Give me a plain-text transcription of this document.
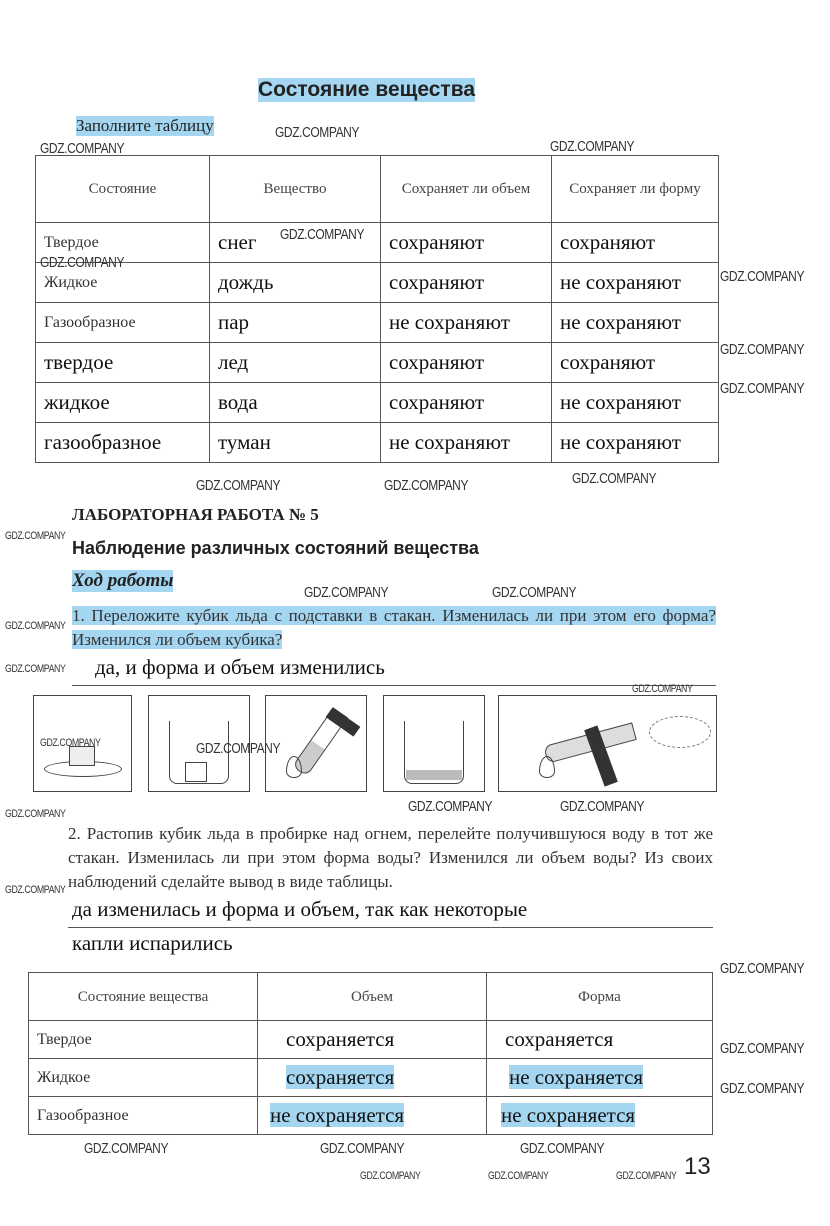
Состояние вещества
Заполните таблицу
Состояние	Вещество	Сохраняет ли объем	Сохраняет ли форму
Твердое	снег	сохраняют	сохраняют
Жидкое	дождь	сохраняют	не сохраняют
Газообразное	пар	не сохраняют	не сохраняют
твердое	лед	сохраняют	сохраняют
жидкое	вода	сохраняют	не сохраняют
газообразное	туман	не сохраняют	не сохраняют
ЛАБОРАТОРНАЯ РАБОТА № 5
Наблюдение различных состояний вещества
Ход работы
1. Переложите кубик льда с подставки в стакан. Изменилась ли при этом его форма? Изменился ли объем кубика?
да, и форма и объем изменились
2. Растопив кубик льда в пробирке над огнем, перелейте получившуюся воду в тот же стакан. Изменилась ли при этом форма воды? Изменился ли объем воды? Из своих наблюдений сделайте вывод в виде таблицы.
да изменилась и форма и объем, так как некоторые
капли испарились
Состояние вещества	Объем	Форма
Твердое	сохраняется	сохраняется
Жидкое	сохраняется	не сохраняется
Газообразное	не сохраняется	не сохраняется
13
GDZ.COMPANY
GDZ.COMPANY	GDZ.COMPANY
GDZ.COMPANY
GDZ.COMPANY
GDZ.COMPANY
GDZ.COMPANY
GDZ.COMPANY
GDZ.COMPANY
GDZ.COMPANY	GDZ.COMPANY
GDZ.COMPANY
GDZ.COMPANY	GDZ.COMPANY
GDZ.COMPANY
GDZ.COMPANY
GDZ.COMPANY
GDZ.COMPANY
GDZ.COMPANY	GDZ.COMPANY
GDZ.COMPANY
GDZ.COMPANY
GDZ.COMPANY
GDZ.COMPANY
GDZ.COMPANY
GDZ.COMPANY
GDZ.COMPANY
GDZ.COMPANY
GDZ.COMPANY
GDZ.COMPANY	GDZ.COMPANY	GDZ.COMPANY
